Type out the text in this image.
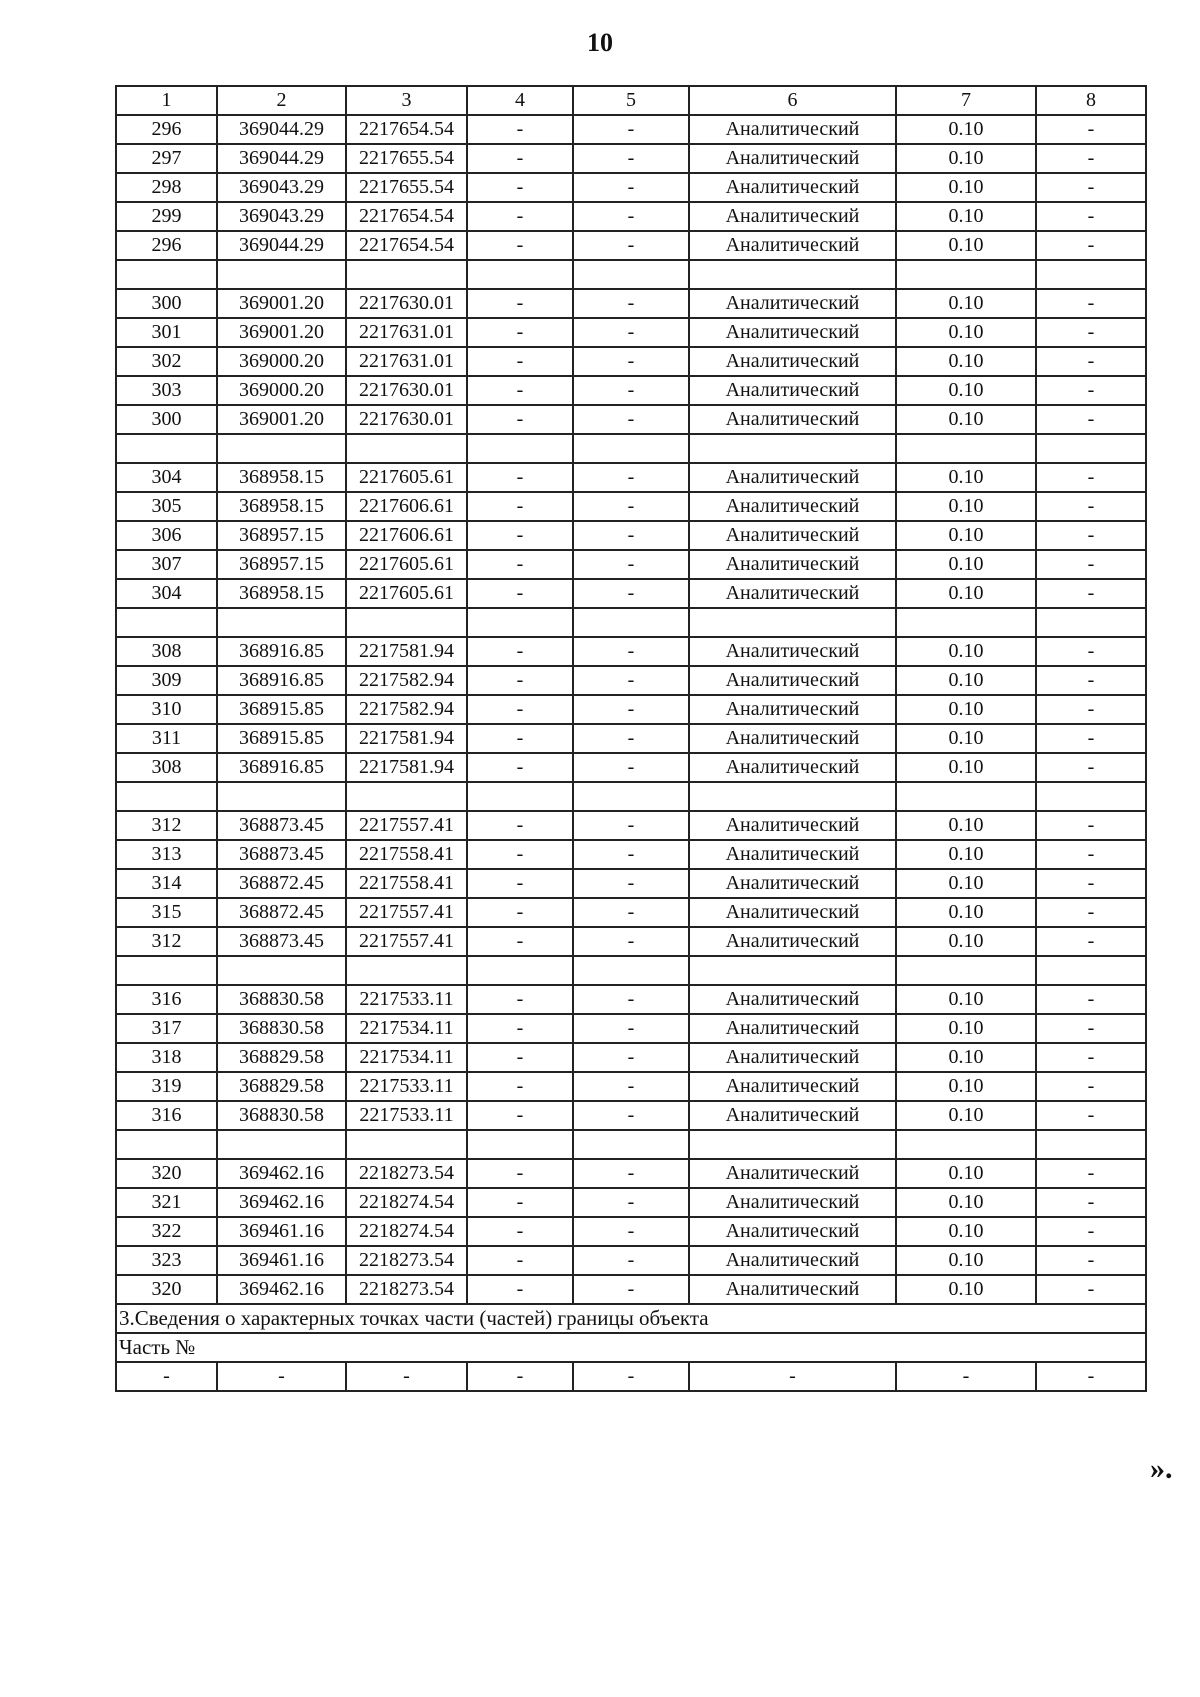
10
1	2	3	4	5	6	7	8
296	369044.29	2217654.54	-	-	Аналитический	0.10	-
297	369044.29	2217655.54	-	-	Аналитический	0.10	-
298	369043.29	2217655.54	-	-	Аналитический	0.10	-
299	369043.29	2217654.54	-	-	Аналитический	0.10	-
296	369044.29	2217654.54	-	-	Аналитический	0.10	-

300	369001.20	2217630.01	-	-	Аналитический	0.10	-
301	369001.20	2217631.01	-	-	Аналитический	0.10	-
302	369000.20	2217631.01	-	-	Аналитический	0.10	-
303	369000.20	2217630.01	-	-	Аналитический	0.10	-
300	369001.20	2217630.01	-	-	Аналитический	0.10	-

304	368958.15	2217605.61	-	-	Аналитический	0.10	-
305	368958.15	2217606.61	-	-	Аналитический	0.10	-
306	368957.15	2217606.61	-	-	Аналитический	0.10	-
307	368957.15	2217605.61	-	-	Аналитический	0.10	-
304	368958.15	2217605.61	-	-	Аналитический	0.10	-

308	368916.85	2217581.94	-	-	Аналитический	0.10	-
309	368916.85	2217582.94	-	-	Аналитический	0.10	-
310	368915.85	2217582.94	-	-	Аналитический	0.10	-
311	368915.85	2217581.94	-	-	Аналитический	0.10	-
308	368916.85	2217581.94	-	-	Аналитический	0.10	-

312	368873.45	2217557.41	-	-	Аналитический	0.10	-
313	368873.45	2217558.41	-	-	Аналитический	0.10	-
314	368872.45	2217558.41	-	-	Аналитический	0.10	-
315	368872.45	2217557.41	-	-	Аналитический	0.10	-
312	368873.45	2217557.41	-	-	Аналитический	0.10	-

316	368830.58	2217533.11	-	-	Аналитический	0.10	-
317	368830.58	2217534.11	-	-	Аналитический	0.10	-
318	368829.58	2217534.11	-	-	Аналитический	0.10	-
319	368829.58	2217533.11	-	-	Аналитический	0.10	-
316	368830.58	2217533.11	-	-	Аналитический	0.10	-

320	369462.16	2218273.54	-	-	Аналитический	0.10	-
321	369462.16	2218274.54	-	-	Аналитический	0.10	-
322	369461.16	2218274.54	-	-	Аналитический	0.10	-
323	369461.16	2218273.54	-	-	Аналитический	0.10	-
320	369462.16	2218273.54	-	-	Аналитический	0.10	-
3.Сведения о характерных точках части (частей) границы объекта							
Часть №							
-	-	-	-	-	-	-	-
».
